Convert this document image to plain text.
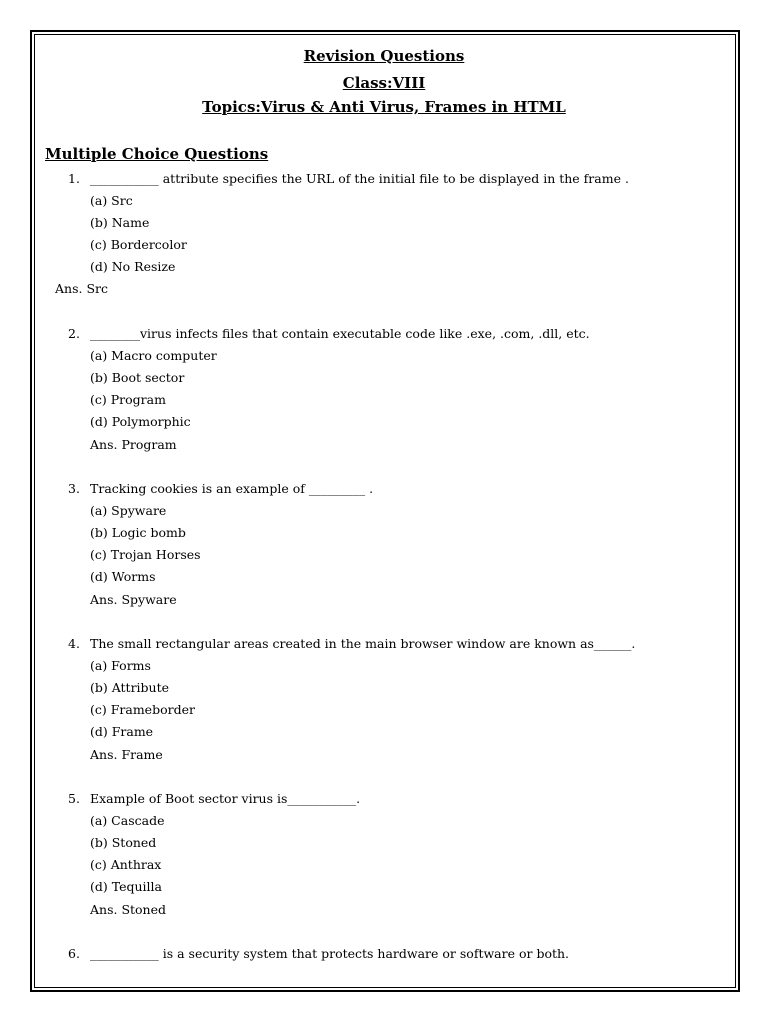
Revision Questions
Class:VIII
Topics:Virus & Anti Virus, Frames in HTML
Multiple Choice Questions
1. ___________ attribute specifies the URL of the initial file to be displayed in the frame .
(a) Src
(b) Name
(c) Bordercolor
(d) No Resize
Ans. Src
2. ________virus infects files that contain executable code like .exe, .com, .dll, etc.
(a) Macro computer
(b) Boot sector
(c) Program
(d) Polymorphic
Ans. Program
3. Tracking cookies is an example of _________ .
(a) Spyware
(b) Logic bomb
(c) Trojan Horses
(d) Worms
Ans. Spyware
4. The small rectangular areas created in the main browser window are known as______.
(a) Forms
(b) Attribute
(c) Frameborder
(d) Frame
Ans. Frame
5. Example of Boot sector virus is___________.
(a) Cascade
(b) Stoned
(c) Anthrax
(d) Tequilla
Ans. Stoned
6. ___________ is a security system that protects hardware or software or both.
